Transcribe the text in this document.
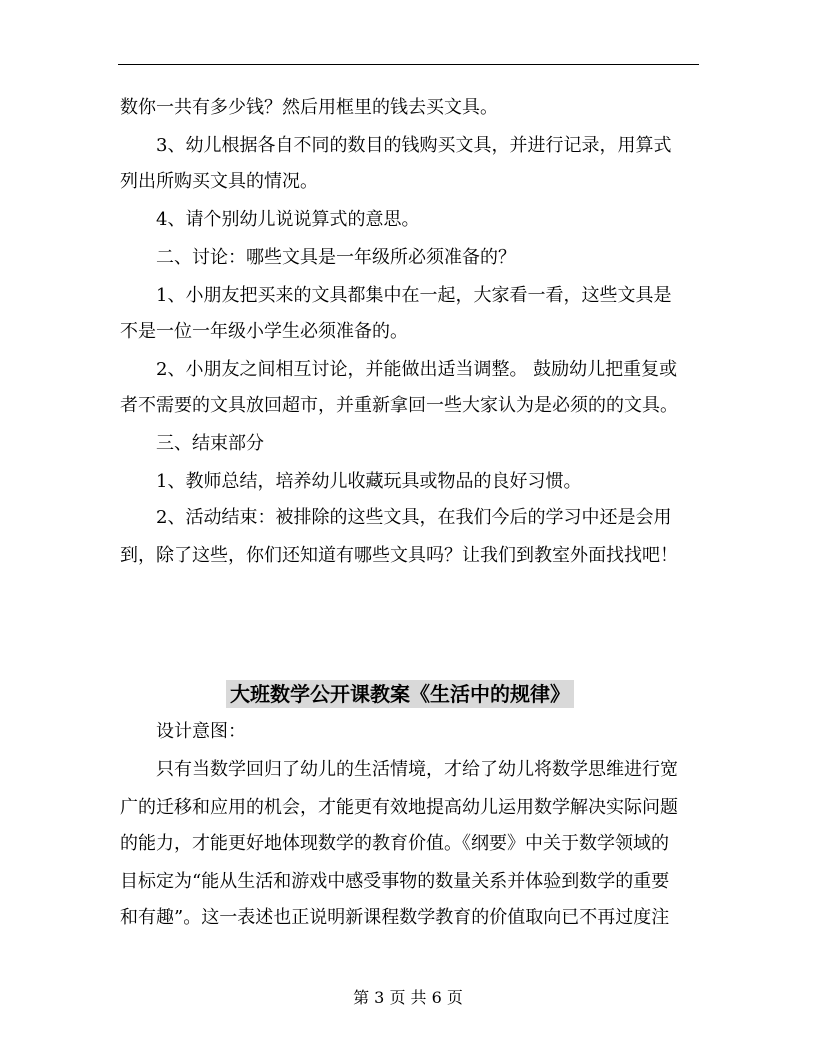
数你一共有多少钱？然后用框里的钱去买文具。
　　3、幼儿根据各自不同的数目的钱购买文具，并进行记录，用算式
列出所购买文具的情况。
　　4、请个别幼儿说说算式的意思。
　　二、讨论：哪些文具是一年级所必须准备的？
　　1、小朋友把买来的文具都集中在一起，大家看一看，这些文具是
不是一位一年级小学生必须准备的。
　　2、小朋友之间相互讨论，并能做出适当调整。 鼓励幼儿把重复或
者不需要的文具放回超市，并重新拿回一些大家认为是必须的的文具。
　　三、结束部分
　　1、教师总结，培养幼儿收藏玩具或物品的良好习惯。
　　2、活动结束：被排除的这些文具，在我们今后的学习中还是会用
到，除了这些，你们还知道有哪些文具吗？让我们到教室外面找找吧！
大班数学公开课教案《生活中的规律》
　　设计意图：
　　只有当数学回归了幼儿的生活情境，才给了幼儿将数学思维进行宽
广的迁移和应用的机会，才能更有效地提高幼儿运用数学解决实际问题
的能力，才能更好地体现数学的教育价值。《纲要》中关于数学领域的
目标定为“能从生活和游戏中感受事物的数量关系并体验到数学的重要
和有趣”。这一表述也正说明新课程数学教育的价值取向已不再过度注
第 3 页 共 6 页
